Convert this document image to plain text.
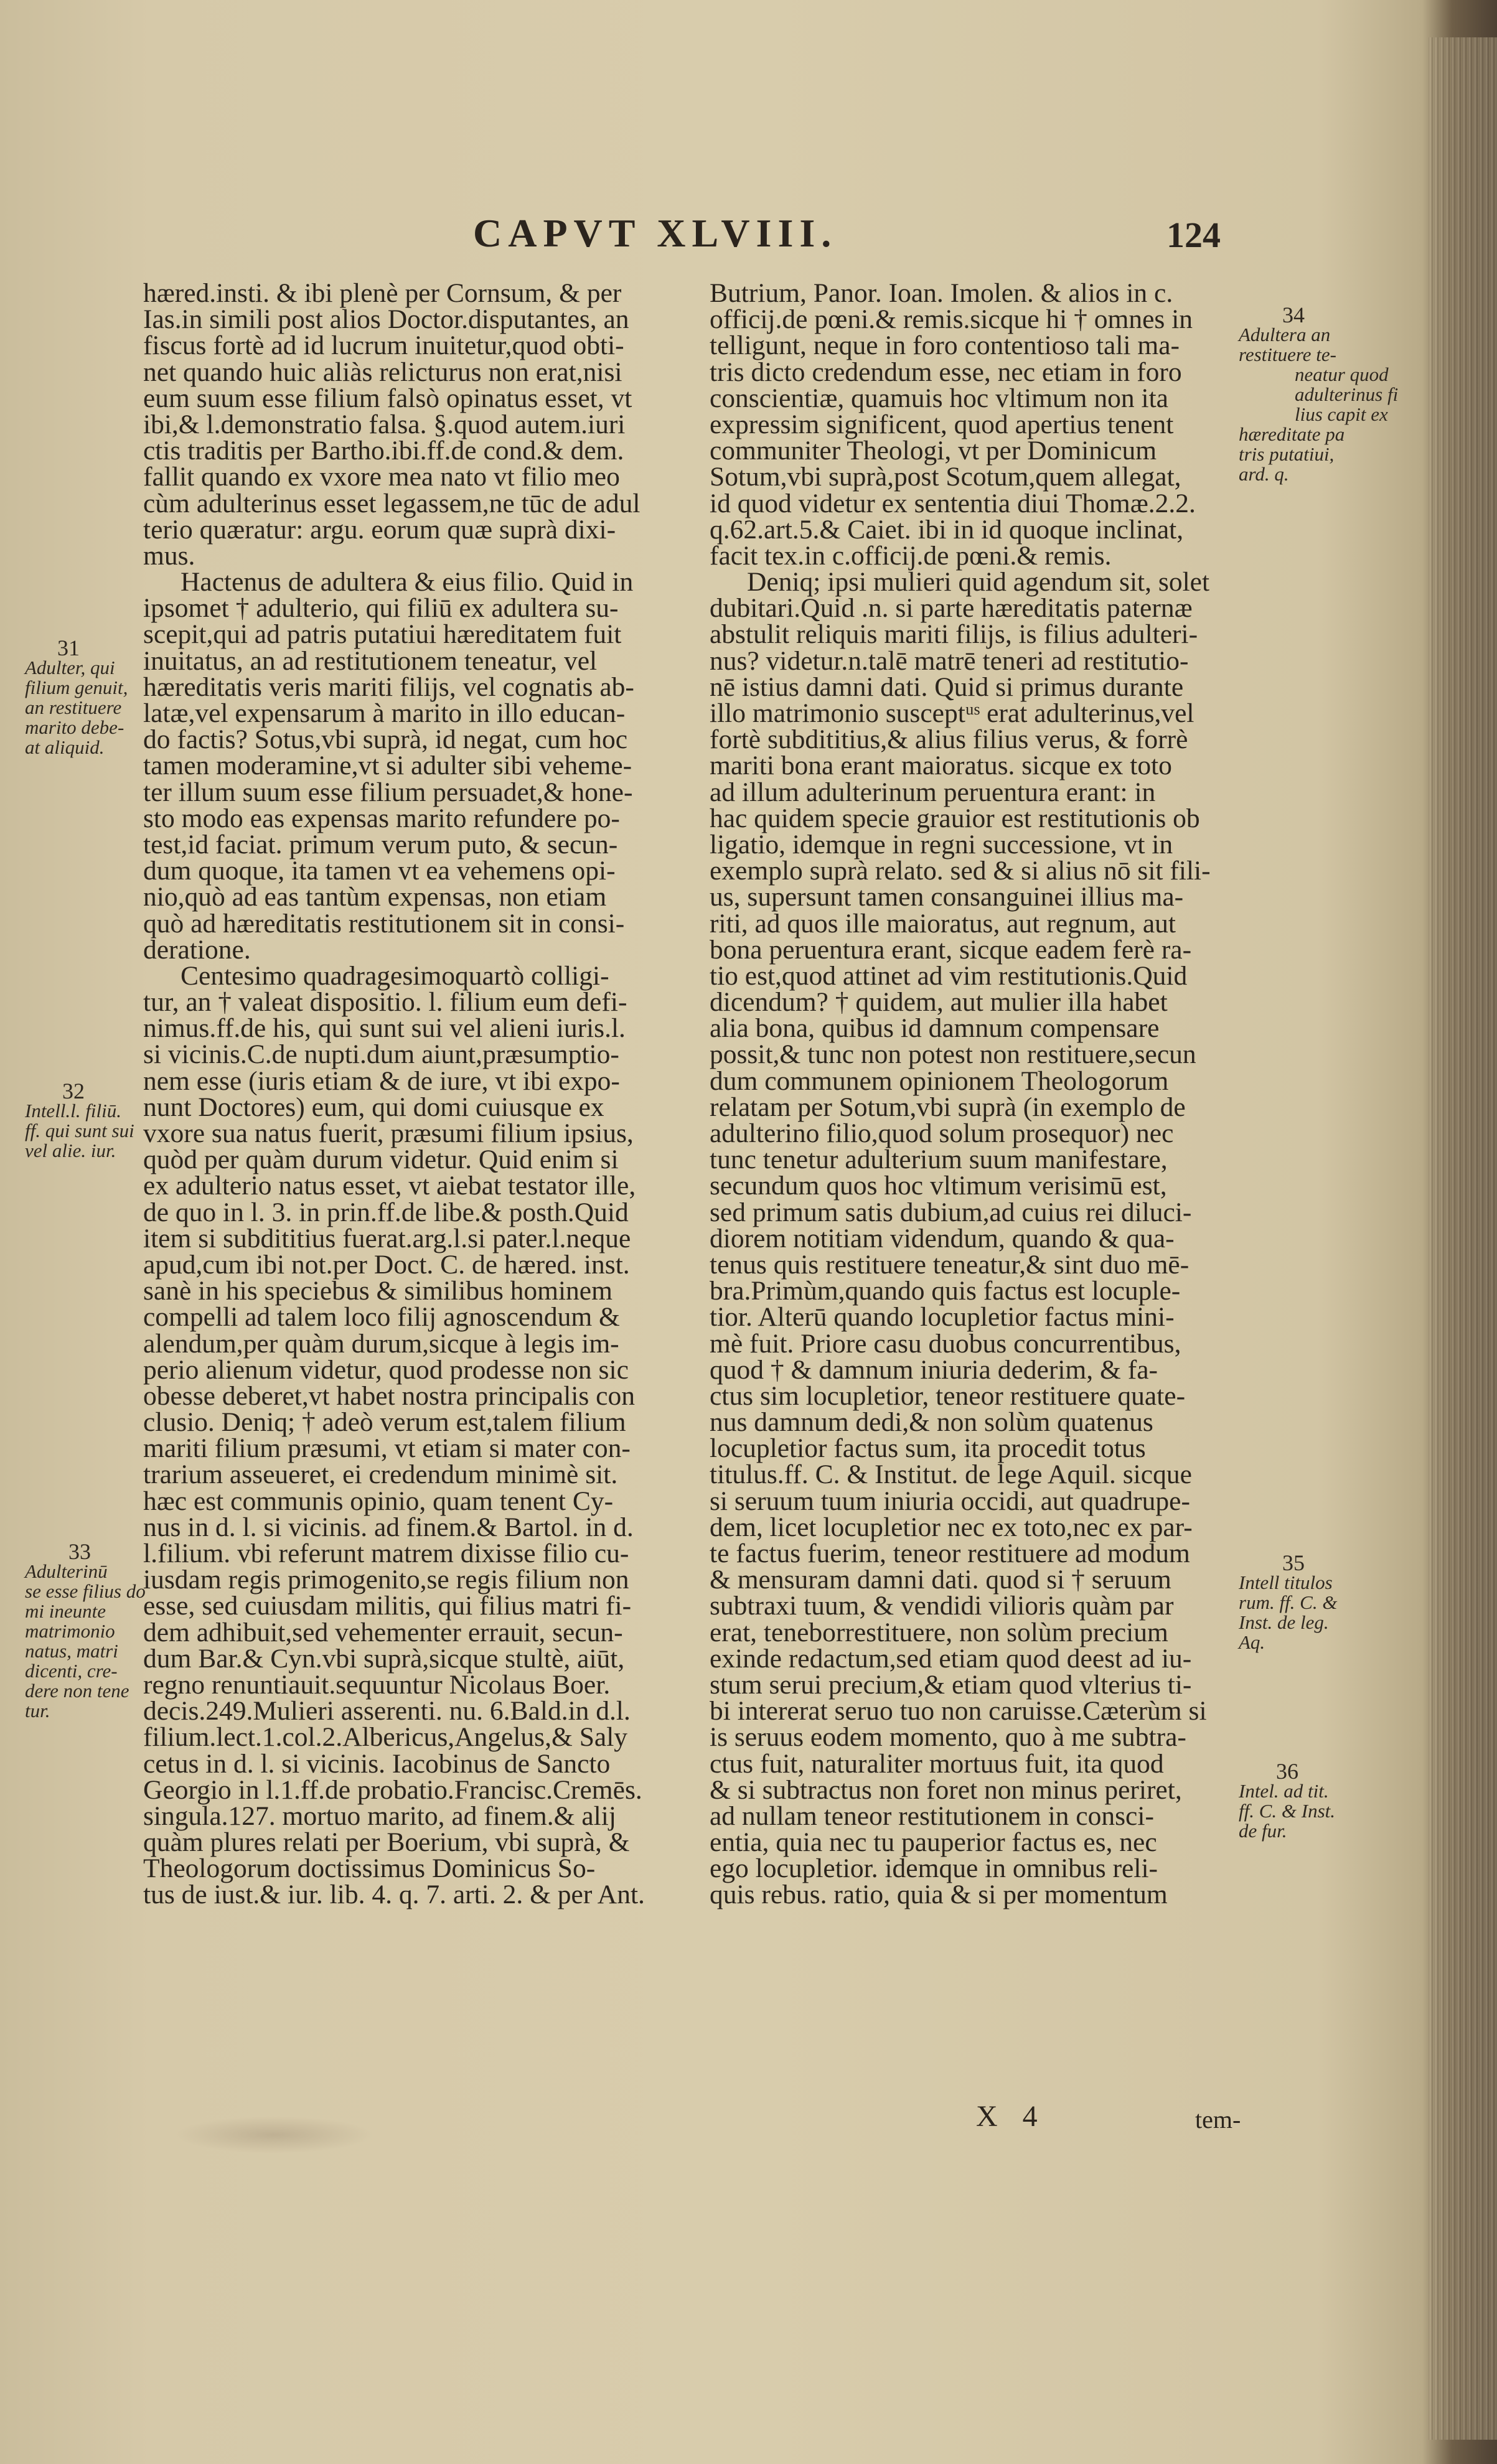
CAPVT XLVIII.	124

hæred.insti. & ibi plenè per Cornsum, & per

Ias.in simili post alios Doctor.disputantes, an

fiscus fortè ad id lucrum inuitetur,quod obti-

net quando huic aliàs relicturus non erat,nisi

eum suum esse filium falsò opinatus esset, vt

ibi,& l.demonstratio falsa. §.quod autem.iuri

ctis traditis per Bartho.ibi.ff.de cond.& dem.

fallit quando ex vxore mea nato vt filio meo

cùm adulterinus esset legassem,ne tūc de adul

terio quæratur: argu. eorum quæ suprà dixi-

mus.

Hactenus de adultera & eius filio. Quid in

ipsomet † adulterio, qui filiū ex adultera su-

scepit,qui ad patris putatiui hæreditatem fuit

inuitatus, an ad restitutionem teneatur, vel

hæreditatis veris mariti filijs, vel cognatis ab-

latæ,vel expensarum à marito in illo educan-

do factis? Sotus,vbi suprà, id negat, cum hoc

tamen moderamine,vt si adulter sibi veheme-

ter illum suum esse filium persuadet,& hone-

sto modo eas expensas marito refundere po-

test,id faciat. primum verum puto, & secun-

dum quoque, ita tamen vt ea vehemens opi-

nio,quò ad eas tantùm expensas, non etiam

quò ad hæreditatis restitutionem sit in consi-

deratione.

Centesimo quadragesimoquartò colligi-

tur, an † valeat dispositio. l. filium eum defi-

nimus.ff.de his, qui sunt sui vel alieni iuris.l.

si vicinis.C.de nupti.dum aiunt,præsumptio-

nem esse (iuris etiam & de iure, vt ibi expo-

nunt Doctores) eum, qui domi cuiusque ex

vxore sua natus fuerit, præsumi filium ipsius,

quòd per quàm durum videtur. Quid enim si

ex adulterio natus esset, vt aiebat testator ille,

de quo in l. 3. in prin.ff.de libe.& posth.Quid

item si subdititius fuerat.arg.l.si pater.l.neque

apud,cum ibi not.per Doct. C. de hæred. inst.

sanè in his speciebus & similibus hominem

compelli ad talem loco filij agnoscendum &

alendum,per quàm durum,sicque à legis im-

perio alienum videtur, quod prodesse non sic

obesse deberet,vt habet nostra principalis con

clusio. Deniq; † adeò verum est,talem filium

mariti filium præsumi, vt etiam si mater con-

trarium asseueret, ei credendum minimè sit.

hæc est communis opinio, quam tenent Cy-

nus in d. l. si vicinis. ad finem.& Bartol. in d.

l.filium. vbi referunt matrem dixisse filio cu-

iusdam regis primogenito,se regis filium non

esse, sed cuiusdam militis, qui filius matri fi-

dem adhibuit,sed vehementer errauit, secun-

dum Bar.& Cyn.vbi suprà,sicque stultè, aiūt,

regno renuntiauit.sequuntur Nicolaus Boer.

decis.249.Mulieri asserenti. nu. 6.Bald.in d.l.

filium.lect.1.col.2.Albericus,Angelus,& Saly

cetus in d. l. si vicinis. Iacobinus de Sancto

Georgio in l.1.ff.de probatio.Francisc.Cremēs.

singula.127. mortuo marito, ad finem.& alij

quàm plures relati per Boerium, vbi suprà, &

Theologorum doctissimus Dominicus So-

tus de iust.& iur. lib. 4. q. 7. arti. 2. & per Ant.

Butrium, Panor. Ioan. Imolen. & alios in c.

officij.de pœni.& remis.sicque hi † omnes in

telligunt, neque in foro contentioso tali ma-

tris dicto credendum esse, nec etiam in foro

conscientiæ, quamuis hoc vltimum non ita

expressim significent, quod apertius tenent

communiter Theologi, vt per Dominicum

Sotum,vbi suprà,post Scotum,quem allegat,

id quod videtur ex sententia diui Thomæ.2.2.

q.62.art.5.& Caiet. ibi in id quoque inclinat,

facit tex.in c.officij.de pœni.& remis.

Deniq; ipsi mulieri quid agendum sit, solet

dubitari.Quid .n. si parte hæreditatis paternæ

abstulit reliquis mariti filijs, is filius adulteri-

nus? videtur.n.talē matrē teneri ad restitutio-

nē istius damni dati. Quid si primus durante

illo matrimonio susceptᵘˢ erat adulterinus,vel

fortè subdititius,& alius filius verus, & forrè

mariti bona erant maioratus. sicque ex toto

ad illum adulterinum peruentura erant: in

hac quidem specie grauior est restitutionis ob

ligatio, idemque in regni successione, vt in

exemplo suprà relato. sed & si alius nō sit fili-

us, supersunt tamen consanguinei illius ma-

riti, ad quos ille maioratus, aut regnum, aut

bona peruentura erant, sicque eadem ferè ra-

tio est,quod attinet ad vim restitutionis.Quid

dicendum? † quidem, aut mulier illa habet

alia bona, quibus id damnum compensare

possit,& tunc non potest non restituere,secun

dum communem opinionem Theologorum

relatam per Sotum,vbi suprà (in exemplo de

adulterino filio,quod solum prosequor) nec

tunc tenetur adulterium suum manifestare,

secundum quos hoc vltimum verisimū est,

sed primum satis dubium,ad cuius rei diluci-

diorem notitiam videndum, quando & qua-

tenus quis restituere teneatur,& sint duo mē-

bra.Primùm,quando quis factus est locuple-

tior. Alterū quando locupletior factus mini-

mè fuit. Priore casu duobus concurrentibus,

quod † & damnum iniuria dederim, & fa-

ctus sim locupletior, teneor restituere quate-

nus damnum dedi,& non solùm quatenus

locupletior factus sum, ita procedit totus

titulus.ff. C. & Institut. de lege Aquil. sicque

si seruum tuum iniuria occidi, aut quadrupe-

dem, licet locupletior nec ex toto,nec ex par-

te factus fuerim, teneor restituere ad modum

& mensuram damni dati. quod si † seruum

subtraxi tuum, & vendidi vilioris quàm par

erat, teneborrestituere, non solùm precium

exinde redactum,sed etiam quod deest ad iu-

stum serui precium,& etiam quod vlterius ti-

bi intererat seruo tuo non caruisse.Cæterùm si

is seruus eodem momento, quo à me subtra-

ctus fuit, naturaliter mortuus fuit, ita quod

& si subtractus non foret non minus periret,

ad nullam teneor restitutionem in consci-

entia, quia nec tu pauperior factus es, nec

ego locupletior. idemque in omnibus reli-

quis rebus. ratio, quia & si per momentum

31

Adulter, qui

filium genuit,

an restituere

marito debe-

at aliquid.

32

Intell.l. filiū.

ff. qui sunt sui

vel alie. iur.

33

Adulterinū

se esse filius do

mi ineunte

matrimonio

natus, matri

dicenti, cre-

dere non tene

tur.

34

Adultera an

restituere te-

neatur quod

adulterinus fi

lius capit ex

hæreditate pa

tris putatiui,

ard. q.

35

Intell titulos

rum. ff. C. &

Inst. de leg.

Aq.

36

Intel. ad tit.

ff. C. & Inst.

de fur.

X 4	tem-
